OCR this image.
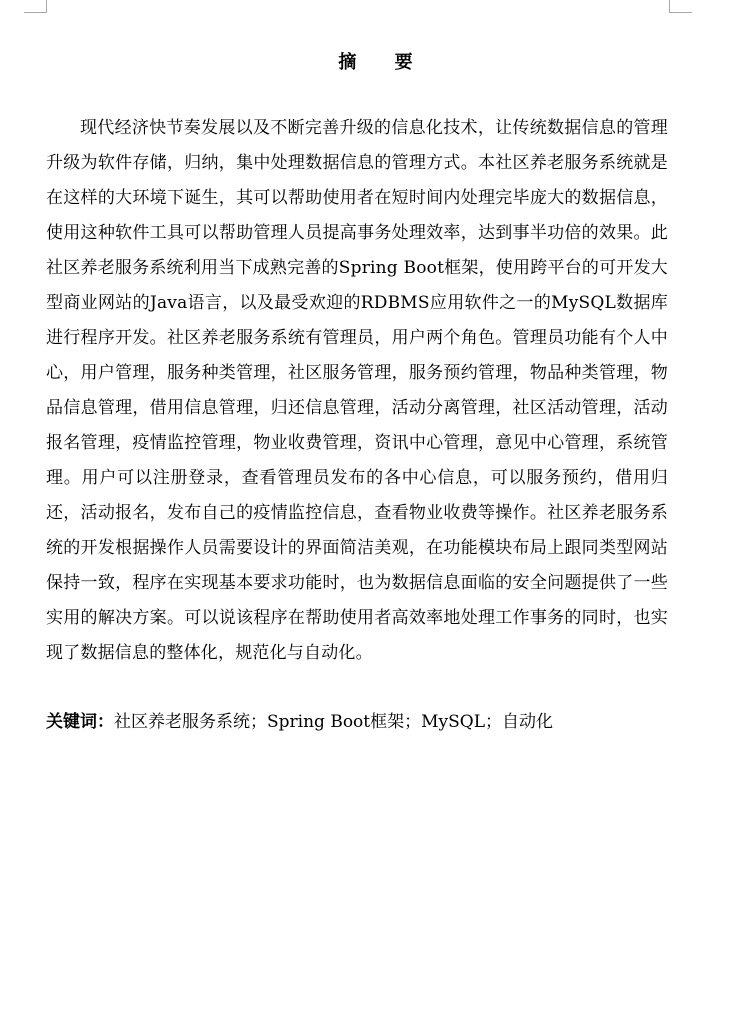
摘 要

现代经济快节奏发展以及不断完善升级的信息化技术，让传统数据信息的管理升级为软件存储，归纳，集中处理数据信息的管理方式。本社区养老服务系统就是在这样的大环境下诞生，其可以帮助使用者在短时间内处理完毕庞大的数据信息，使用这种软件工具可以帮助管理人员提高事务处理效率，达到事半功倍的效果。此社区养老服务系统利用当下成熟完善的Spring Boot框架，使用跨平台的可开发大型商业网站的Java语言，以及最受欢迎的RDBMS应用软件之一的MySQL数据库进行程序开发。社区养老服务系统有管理员，用户两个角色。管理员功能有个人中心，用户管理，服务种类管理，社区服务管理，服务预约管理，物品种类管理，物品信息管理，借用信息管理，归还信息管理，活动分离管理，社区活动管理，活动报名管理，疫情监控管理，物业收费管理，资讯中心管理，意见中心管理，系统管理。用户可以注册登录，查看管理员发布的各中心信息，可以服务预约，借用归还，活动报名，发布自己的疫情监控信息，查看物业收费等操作。社区养老服务系统的开发根据操作人员需要设计的界面简洁美观，在功能模块布局上跟同类型网站保持一致，程序在实现基本要求功能时，也为数据信息面临的安全问题提供了一些实用的解决方案。可以说该程序在帮助使用者高效率地处理工作事务的同时，也实现了数据信息的整体化，规范化与自动化。

关键词：社区养老服务系统；Spring Boot框架；MySQL；自动化
